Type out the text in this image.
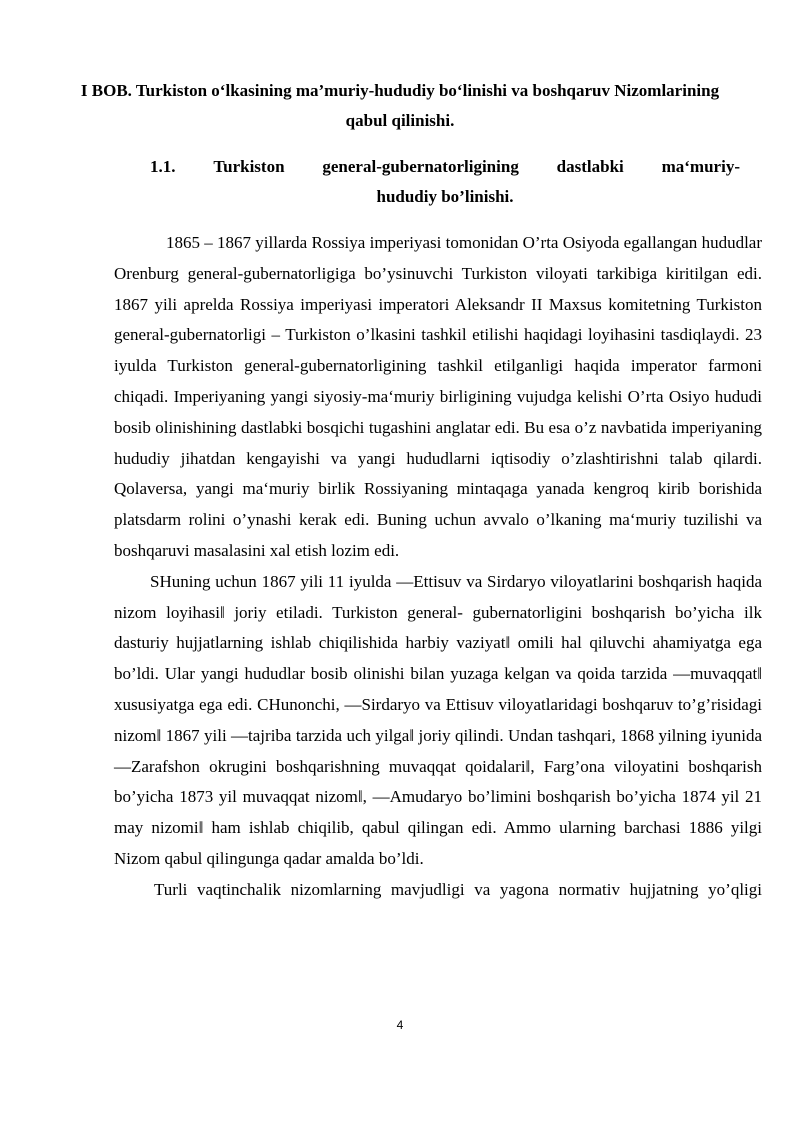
I BOB. Turkiston o‘lkasining ma’muriy-hududiy bo‘linishi va boshqaruv Nizomlarining qabul qilinishi.
1.1. Turkiston general-gubernatorligining dastlabki ma‘muriy-
hududiy bo’linishi.

1865 – 1867 yillarda Rossiya imperiyasi tomonidan O’rta Osiyoda egallangan hududlar Orenburg general-gubernatorligiga bo’ysinuvchi Turkiston viloyati tarkibiga kiritilgan edi. 1867 yili aprelda Rossiya imperiyasi imperatori Aleksandr II Maxsus komitetning Turkiston general-gubernatorligi – Turkiston o’lkasini tashkil etilishi haqidagi loyihasini tasdiqlaydi. 23 iyulda Turkiston general-gubernatorligining tashkil etilganligi haqida imperator farmoni chiqadi. Imperiyaning yangi siyosiy-ma‘muriy birligining vujudga kelishi O’rta Osiyo hududi bosib olinishining dastlabki bosqichi tugashini anglatar edi. Bu esa o’z navbatida imperiyaning hududiy jihatdan kengayishi va yangi hududlarni iqtisodiy o’zlashtirishni talab qilardi. Qolaversa, yangi ma‘muriy birlik Rossiyaning mintaqaga yanada kengroq kirib borishida platsdarm rolini o’ynashi kerak edi. Buning uchun avvalo o’lkaning ma‘muriy tuzilishi va boshqaruvi masalasini xal etish lozim edi.

SHuning uchun 1867 yili 11 iyulda ―Ettisuv va Sirdaryo viloyatlarini boshqarish haqida nizom loyihasi‖ joriy etiladi. Turkiston general- gubernatorligini boshqarish bo’yicha ilk dasturiy hujjatlarning ishlab chiqilishida harbiy vaziyat‖ omili hal qiluvchi ahamiyatga ega bo’ldi. Ular yangi hududlar bosib olinishi bilan yuzaga kelgan va qoida tarzida ―muvaqqat‖ xususiyatga ega edi. CHunonchi, ―Sirdaryo va Ettisuv viloyatlaridagi boshqaruv to’g’risidagi nizom‖ 1867 yili ―tajriba tarzida uch yilga‖ joriy qilindi. Undan tashqari, 1868 yilning iyunida ―Zarafshon okrugini boshqarishning muvaqqat qoidalari‖, Farg’ona viloyatini boshqarish bo’yicha 1873 yil muvaqqat nizom‖, ―Amudaryo bo’limini boshqarish bo’yicha 1874 yil 21 may nizomi‖ ham ishlab chiqilib, qabul qilingan edi. Ammo ularning barchasi 1886 yilgi Nizom qabul qilingunga qadar amalda bo’ldi.

Turli vaqtinchalik nizomlarning mavjudligi va yagona normativ hujjatning yo’qligi

4
